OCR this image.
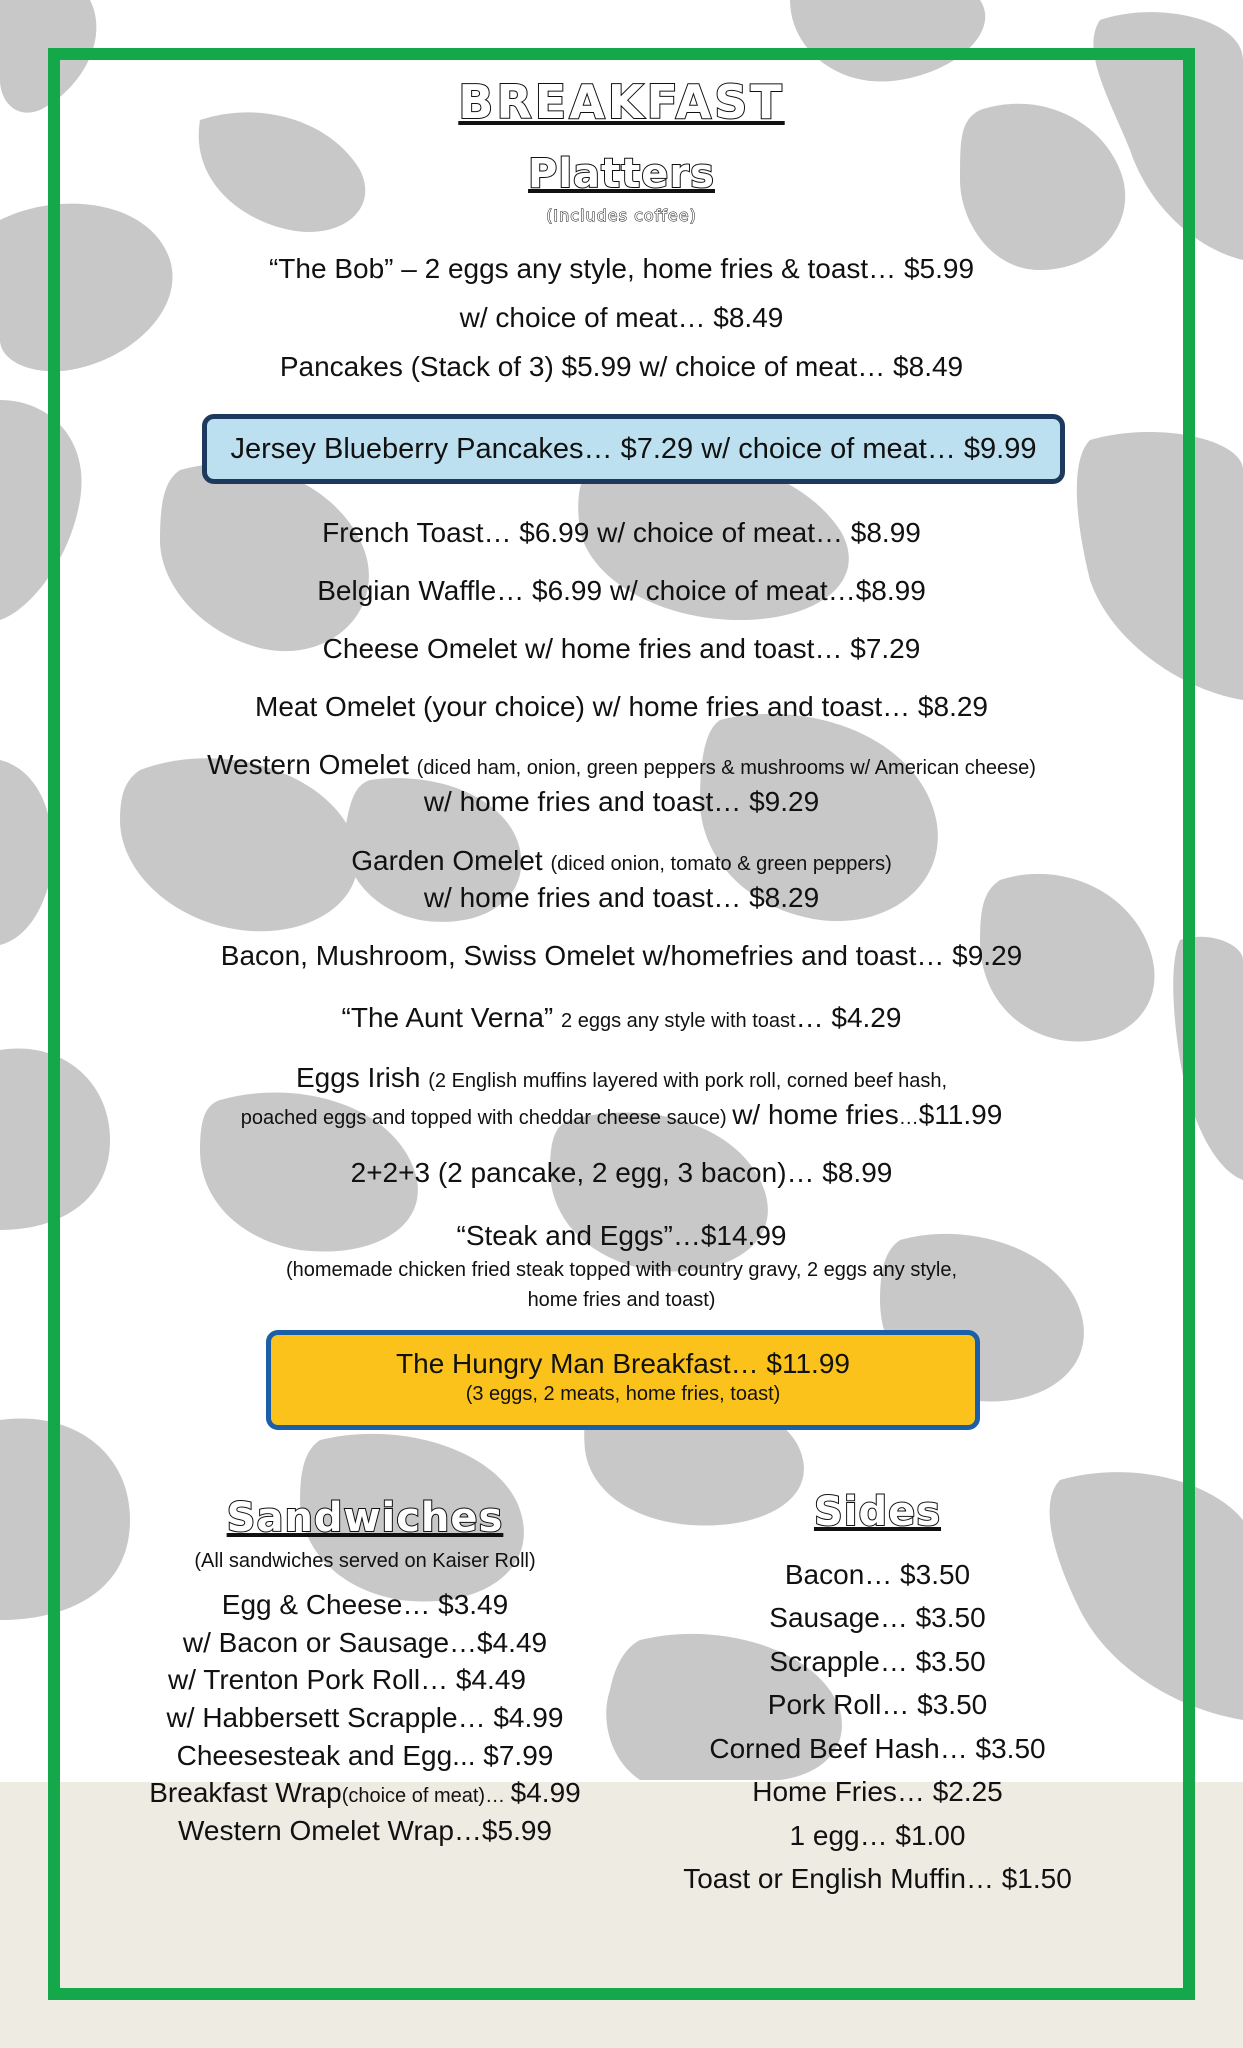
BREAKFAST
Platters
(Includes coffee)
“The Bob” – 2 eggs any style, home fries & toast… $5.99
w/ choice of meat… $8.49
Pancakes (Stack of 3) $5.99 w/ choice of meat… $8.49
Jersey Blueberry Pancakes… $7.29 w/ choice of meat… $9.99
French Toast… $6.99 w/ choice of meat… $8.99
Belgian Waffle… $6.99 w/ choice of meat…$8.99
Cheese Omelet w/ home fries and toast… $7.29
Meat Omelet (your choice) w/ home fries and toast… $8.29
Western Omelet (diced ham, onion, green peppers & mushrooms w/ American cheese)
w/ home fries and toast… $9.29
Garden Omelet (diced onion, tomato & green peppers)
w/ home fries and toast… $8.29
Bacon, Mushroom, Swiss Omelet w/homefries and toast… $9.29
“The Aunt Verna” 2 eggs any style with toast… $4.29
Eggs Irish (2 English muffins layered with pork roll, corned beef hash,
poached eggs and topped with cheddar cheese sauce) w/ home fries…$11.99
2+2+3 (2 pancake, 2 egg, 3 bacon)… $8.99
“Steak and Eggs”…$14.99
(homemade chicken fried steak topped with country gravy, 2 eggs any style,
home fries and toast)
The Hungry Man Breakfast… $11.99
(3 eggs, 2 meats, home fries, toast)
Sandwiches
(All sandwiches served on Kaiser Roll)
Egg & Cheese… $3.49
w/ Bacon or Sausage…$4.49
w/ Trenton Pork Roll… $4.49
w/ Habbersett Scrapple… $4.99
Cheesesteak and Egg... $7.99
Breakfast Wrap(choice of meat)… $4.99
Western Omelet Wrap…$5.99
Sides
Bacon… $3.50
Sausage… $3.50
Scrapple… $3.50
Pork Roll… $3.50
Corned Beef Hash… $3.50
Home Fries… $2.25
1 egg… $1.00
Toast or English Muffin… $1.50
